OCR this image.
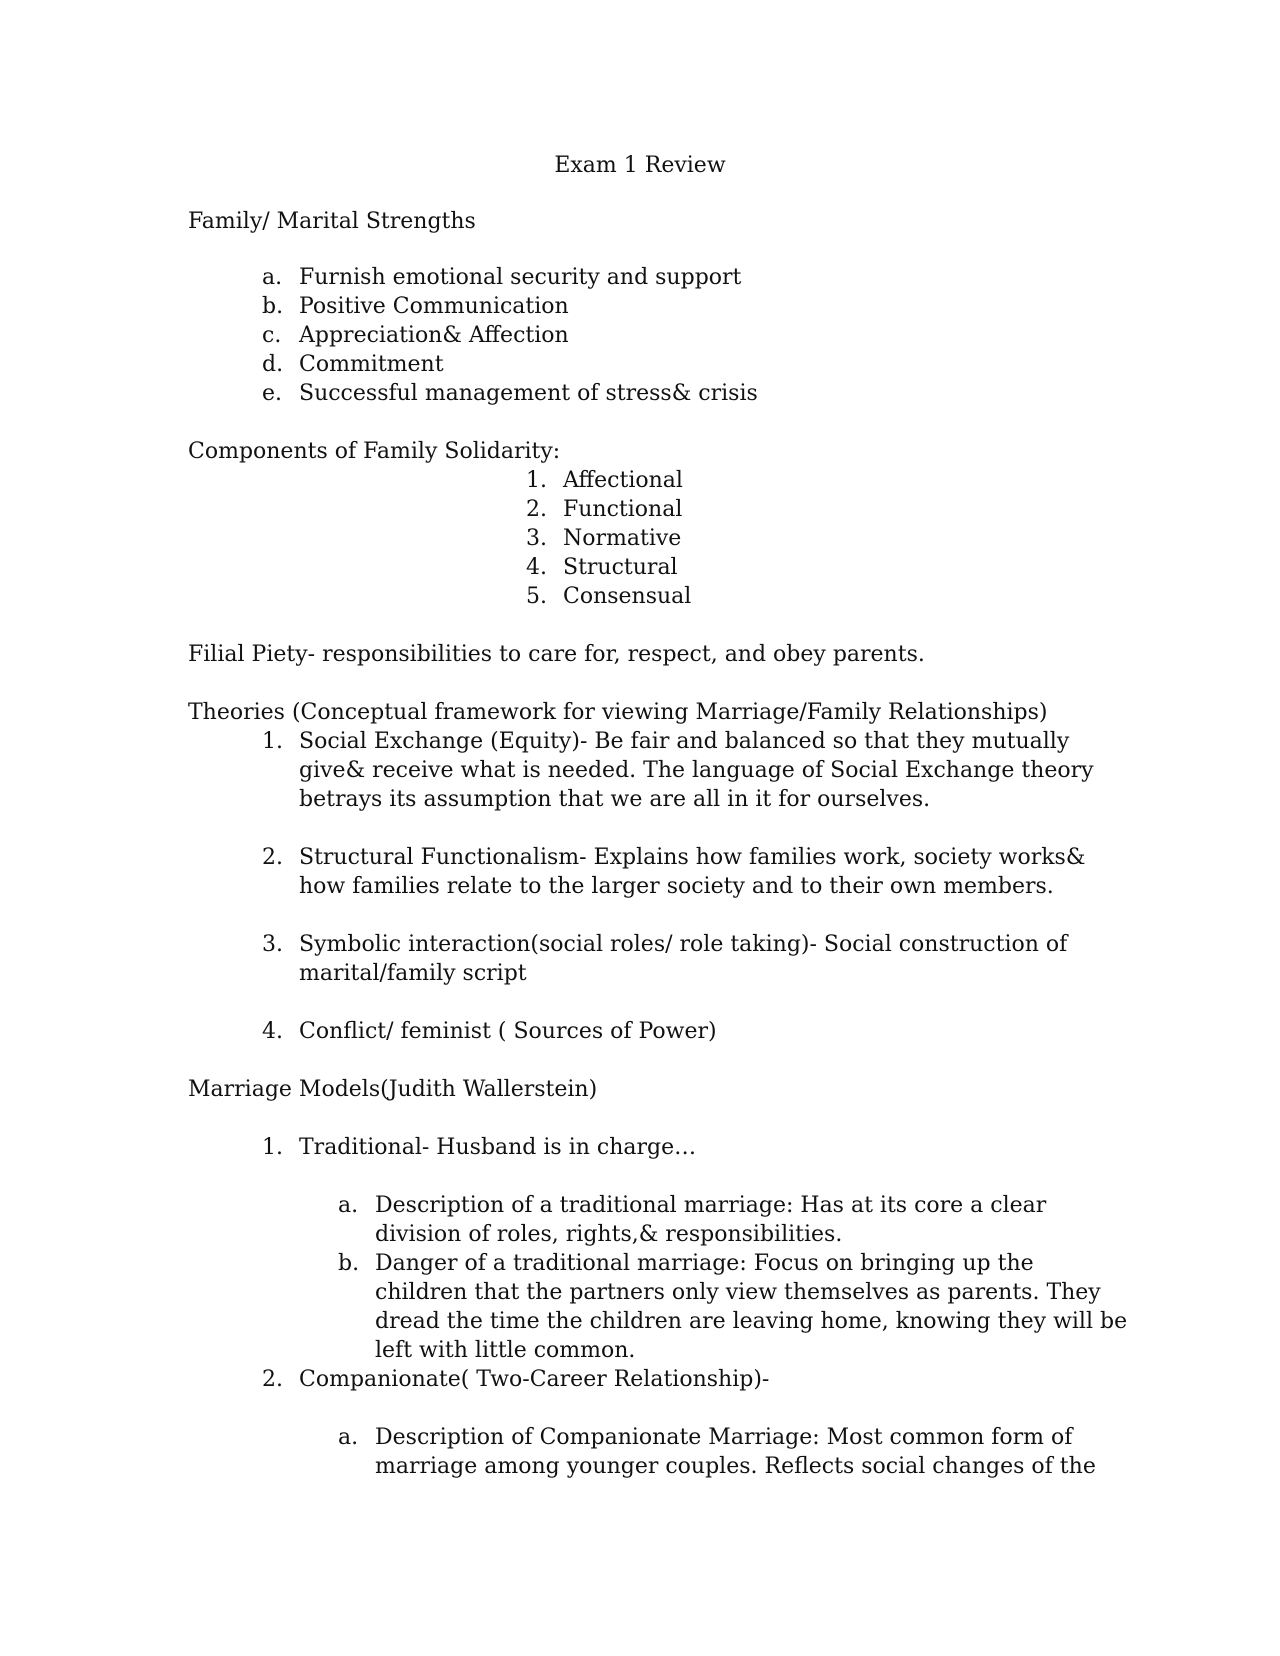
Exam 1 Review
Family/ Marital Strengths
a. Furnish emotional security and support
b. Positive Communication
c. Appreciation& Affection
d. Commitment
e. Successful management of stress& crisis
Components of Family Solidarity:
1. Affectional
2. Functional
3. Normative
4. Structural
5. Consensual
Filial Piety- responsibilities to care for, respect, and obey parents.
Theories (Conceptual framework for viewing Marriage/Family Relationships)
1. Social Exchange (Equity)- Be fair and balanced so that they mutually
give& receive what is needed. The language of Social Exchange theory
betrays its assumption that we are all in it for ourselves.
2. Structural Functionalism- Explains how families work, society works&
how families relate to the larger society and to their own members.
3. Symbolic interaction(social roles/ role taking)- Social construction of
marital/family script
4. Conflict/ feminist ( Sources of Power)
Marriage Models(Judith Wallerstein)
1. Traditional- Husband is in charge…
a. Description of a traditional marriage: Has at its core a clear
division of roles, rights,& responsibilities.
b. Danger of a traditional marriage: Focus on bringing up the
children that the partners only view themselves as parents. They
dread the time the children are leaving home, knowing they will be
left with little common.
2. Companionate( Two-Career Relationship)-
a. Description of Companionate Marriage: Most common form of
marriage among younger couples. Reflects social changes of the
